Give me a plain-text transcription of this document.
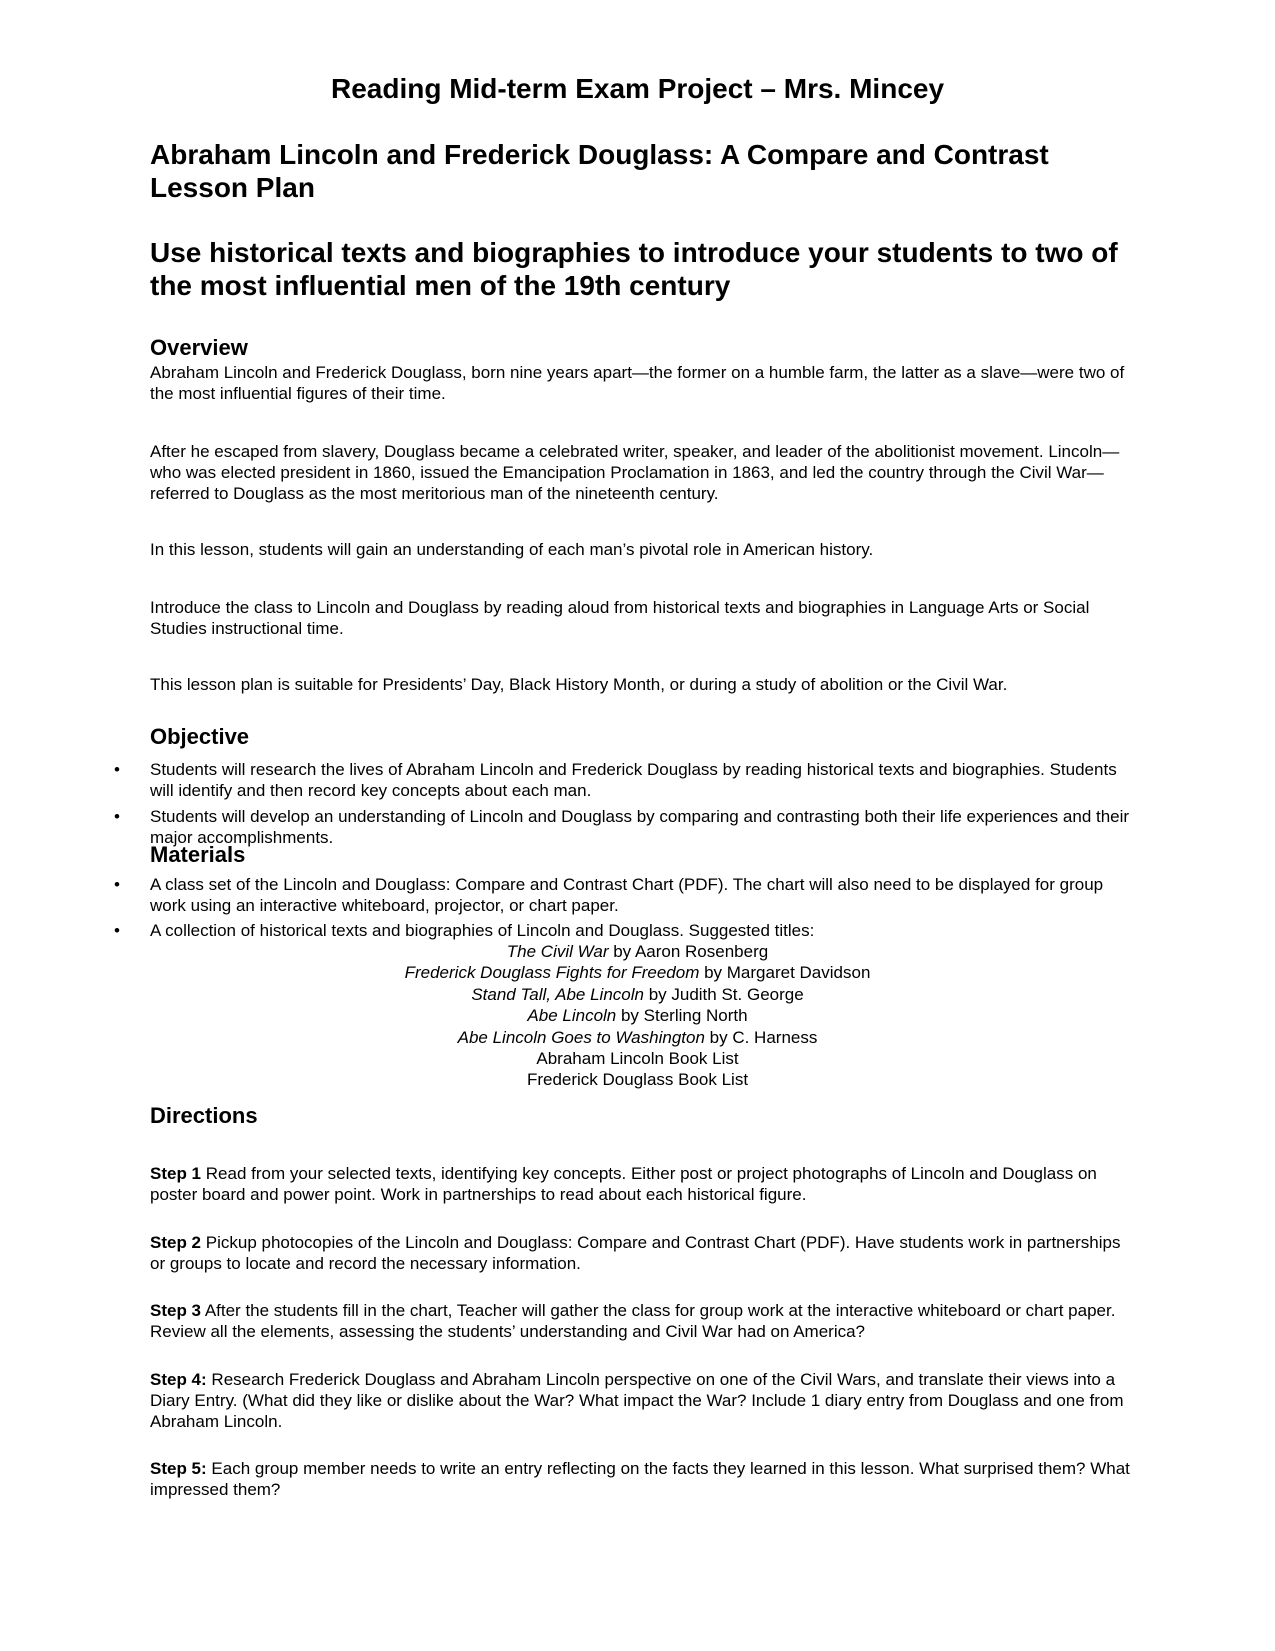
Reading Mid-term Exam Project – Mrs. Mincey
Abraham Lincoln and Frederick Douglass: A Compare and Contrast Lesson Plan
Use historical texts and biographies to introduce your students to two of the most influential men of the 19th century
Overview

Abraham Lincoln and Frederick Douglass, born nine years apart—the former on a humble farm, the latter as a slave—were two of the most influential figures of their time.

After he escaped from slavery, Douglass became a celebrated writer, speaker, and leader of the abolitionist movement. Lincoln—who was elected president in 1860, issued the Emancipation Proclamation in 1863, and led the country through the Civil War—referred to Douglass as the most meritorious man of the nineteenth century.

In this lesson, students will gain an understanding of each man’s pivotal role in American history.

Introduce the class to Lincoln and Douglass by reading aloud from historical texts and biographies in Language Arts or Social Studies instructional time.

This lesson plan is suitable for Presidents’ Day, Black History Month, or during a study of abolition or the Civil War.

Objective
• Students will research the lives of Abraham Lincoln and Frederick Douglass by reading historical texts and biographies. Students will identify and then record key concepts about each man.
• Students will develop an understanding of Lincoln and Douglass by comparing and contrasting both their life experiences and their major accomplishments.
Materials
• A class set of the Lincoln and Douglass: Compare and Contrast Chart (PDF). The chart will also need to be displayed for group work using an interactive whiteboard, projector, or chart paper.
• A collection of historical texts and biographies of Lincoln and Douglass. Suggested titles:
The Civil War by Aaron Rosenberg
Frederick Douglass Fights for Freedom by Margaret Davidson
Stand Tall, Abe Lincoln by Judith St. George
Abe Lincoln by Sterling North
Abe Lincoln Goes to Washington by C. Harness
Abraham Lincoln Book List
Frederick Douglass Book List
Directions

Step 1 Read from your selected texts, identifying key concepts. Either post or project photographs of Lincoln and Douglass on poster board and power point. Work in partnerships to read about each historical figure.

Step 2 Pickup photocopies of the Lincoln and Douglass: Compare and Contrast Chart (PDF). Have students work in partnerships or groups to locate and record the necessary information.

Step 3 After the students fill in the chart, Teacher will gather the class for group work at the interactive whiteboard or chart paper. Review all the elements, assessing the students’ understanding and Civil War had on America?

Step 4: Research Frederick Douglass and Abraham Lincoln perspective on one of the Civil Wars, and translate their views into a Diary Entry. (What did they like or dislike about the War? What impact the War? Include 1 diary entry from Douglass and one from Abraham Lincoln.

Step 5: Each group member needs to write an entry reflecting on the facts they learned in this lesson. What surprised them? What impressed them?
